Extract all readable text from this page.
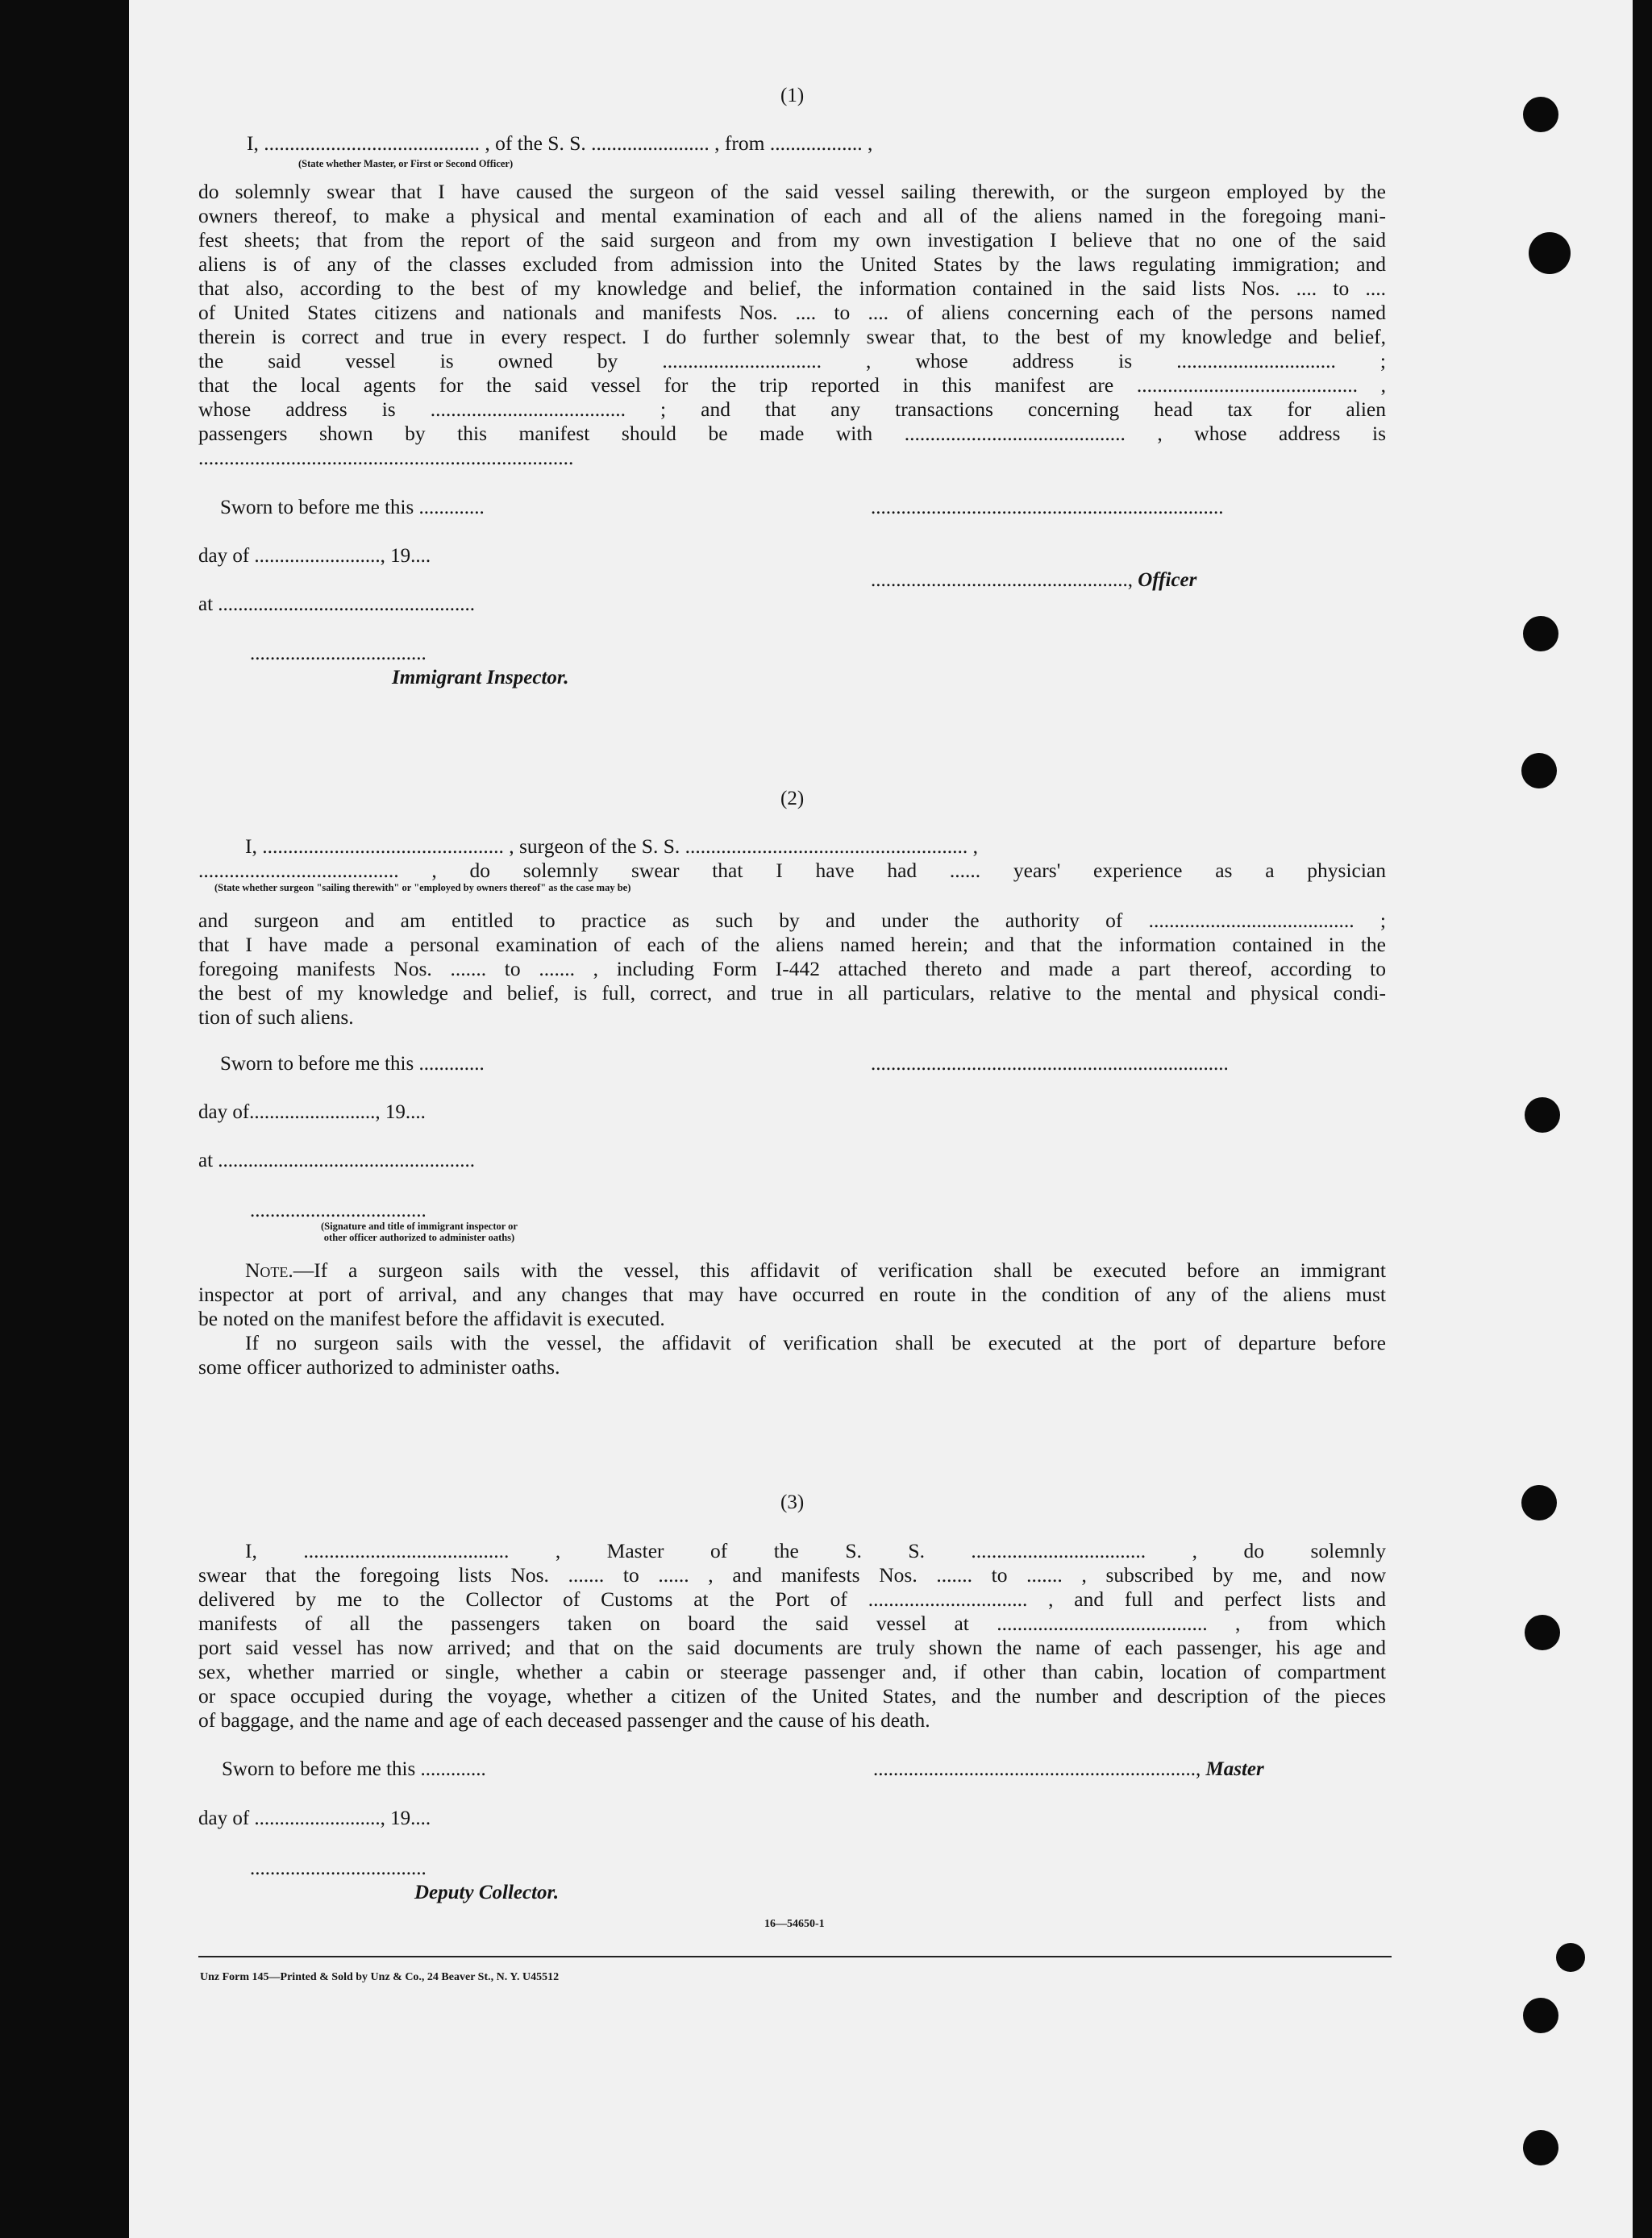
(1)
I, .......................................... , of the S. S. ....................... , from .................. ,
(State whether Master, or First or Second Officer)
do solemnly swear that I have caused the surgeon of the said vessel sailing therewith, or the surgeon employed by the
owners thereof, to make a physical and mental examination of each and all of the aliens named in the foregoing mani-
fest sheets; that from the report of the said surgeon and from my own investigation I believe that no one of the said
aliens is of any of the classes excluded from admission into the United States by the laws regulating immigration; and
that also, according to the best of my knowledge and belief, the information contained in the said lists Nos. .... to ....
of United States citizens and nationals and manifests Nos. .... to .... of aliens concerning each of the persons named
therein is correct and true in every respect. I do further solemnly swear that, to the best of my knowledge and belief,
the said vessel is owned by ............................... , whose address is ............................... ;
that the local agents for the said vessel for the trip reported in this manifest are ........................................... ,
whose address is ...................................... ; and that any transactions concerning head tax for alien
passengers shown by this manifest should be made with ........................................... , whose address is
.........................................................................
Sworn to before me this .............	......................................................................
day of ........................., 19....
..................................................., Officer
at ...................................................
...................................
Immigrant Inspector.
(2)
I, ............................................... , surgeon of the S. S. ....................................................... ,
....................................... , do solemnly swear that I have had ...... years' experience as a physician
(State whether surgeon "sailing therewith" or "employed by owners thereof" as the case may be)
and surgeon and am entitled to practice as such by and under the authority of ........................................ ;
that I have made a personal examination of each of the aliens named herein; and that the information contained in the
foregoing manifests Nos. ....... to ....... , including Form I-442 attached thereto and made a part thereof, according to
the best of my knowledge and belief, is full, correct, and true in all particulars, relative to the mental and physical condi-
tion of such aliens.
Sworn to before me this .............	.......................................................................
day of........................., 19....
at ...................................................
...................................
(Signature and title of immigrant inspector or
other officer authorized to administer oaths)
Note.—If a surgeon sails with the vessel, this affidavit of verification shall be executed before an immigrant
inspector at port of arrival, and any changes that may have occurred en route in the condition of any of the aliens must
be noted on the manifest before the affidavit is executed.
If no surgeon sails with the vessel, the affidavit of verification shall be executed at the port of departure before
some officer authorized to administer oaths.
(3)
I, ........................................ , Master of the S. S. .................................. , do solemnly
swear that the foregoing lists Nos. ....... to ...... , and manifests Nos. ....... to ....... , subscribed by me, and now
delivered by me to the Collector of Customs at the Port of ............................... , and full and perfect lists and
manifests of all the passengers taken on board the said vessel at ......................................... , from which
port said vessel has now arrived; and that on the said documents are truly shown the name of each passenger, his age and
sex, whether married or single, whether a cabin or steerage passenger and, if other than cabin, location of compartment
or space occupied during the voyage, whether a citizen of the United States, and the number and description of the pieces
of baggage, and the name and age of each deceased passenger and the cause of his death.
Sworn to before me this .............	................................................................, Master
day of ........................., 19....
...................................
Deputy Collector.
16—54650-1
Unz Form 145—Printed & Sold by Unz & Co., 24 Beaver St., N. Y. U45512
